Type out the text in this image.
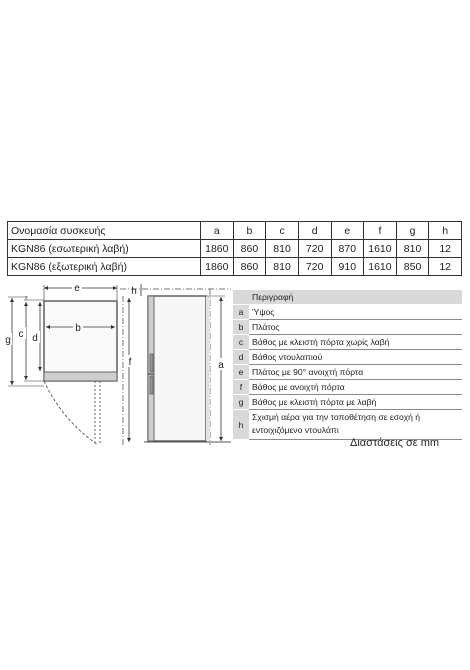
Ονομασία συσκευής	a	b	c	d	e	f	g	h
KGN86 (εσωτερική λαβή)	1860	860	810	720	870	1610	810	12
KGN86 (εξωτερική λαβή)	1860	860	810	720	910	1610	850	12
e
b
d
c
g
f
h
a
	Περιγραφή
a	Ύψος
b	Πλάτος
c	Βάθος με κλειστή πόρτα χωρίς λαβή
d	Βάθος ντουλαπιού
e	Πλάτος με 90° ανοιχτή πόρτα
f	Βάθος με ανοιχτή πόρτα
g	Βάθος με κλειστή πόρτα με λαβή
h	Σχισμή αέρα για την τοποθέτηση σε εσοχή ή εντοιχιζόμενο ντουλάπι
Διαστάσεις σε mm
